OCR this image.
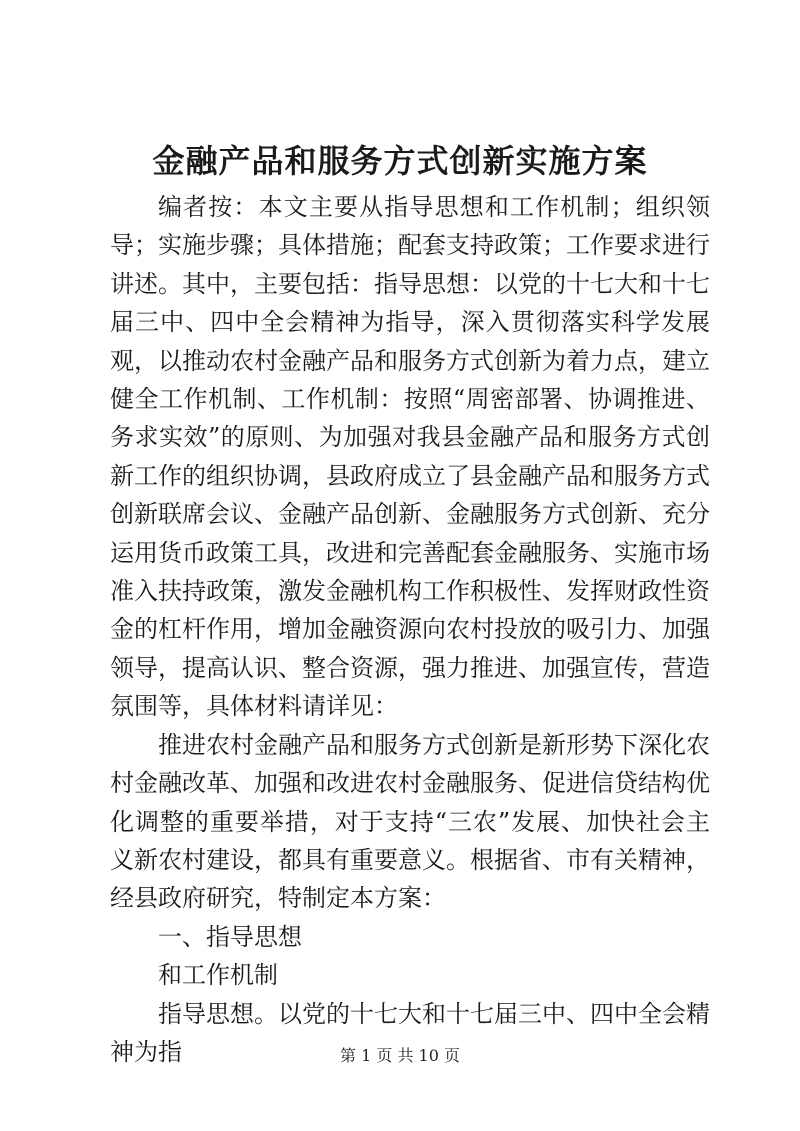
金融产品和服务方式创新实施方案

编者按：本文主要从指导思想和工作机制；组织领导；实施步骤；具体措施；配套支持政策；工作要求进行讲述。其中，主要包括：指导思想：以党的十七大和十七届三中、四中全会精神为指导，深入贯彻落实科学发展观，以推动农村金融产品和服务方式创新为着力点，建立健全工作机制、工作机制：按照“周密部署、协调推进、务求实效”的原则、为加强对我县金融产品和服务方式创新工作的组织协调，县政府成立了县金融产品和服务方式创新联席会议、金融产品创新、金融服务方式创新、充分运用货币政策工具，改进和完善配套金融服务、实施市场准入扶持政策，激发金融机构工作积极性、发挥财政性资金的杠杆作用，增加金融资源向农村投放的吸引力、加强领导，提高认识、整合资源，强力推进、加强宣传，营造氛围等，具体材料请详见：

推进农村金融产品和服务方式创新是新形势下深化农村金融改革、加强和改进农村金融服务、促进信贷结构优化调整的重要举措，对于支持“三农”发展、加快社会主义新农村建设，都具有重要意义。根据省、市有关精神，经县政府研究，特制定本方案：

一、指导思想

和工作机制

指导思想。以党的十七大和十七届三中、四中全会精神为指	第 1 页 共 10 页
